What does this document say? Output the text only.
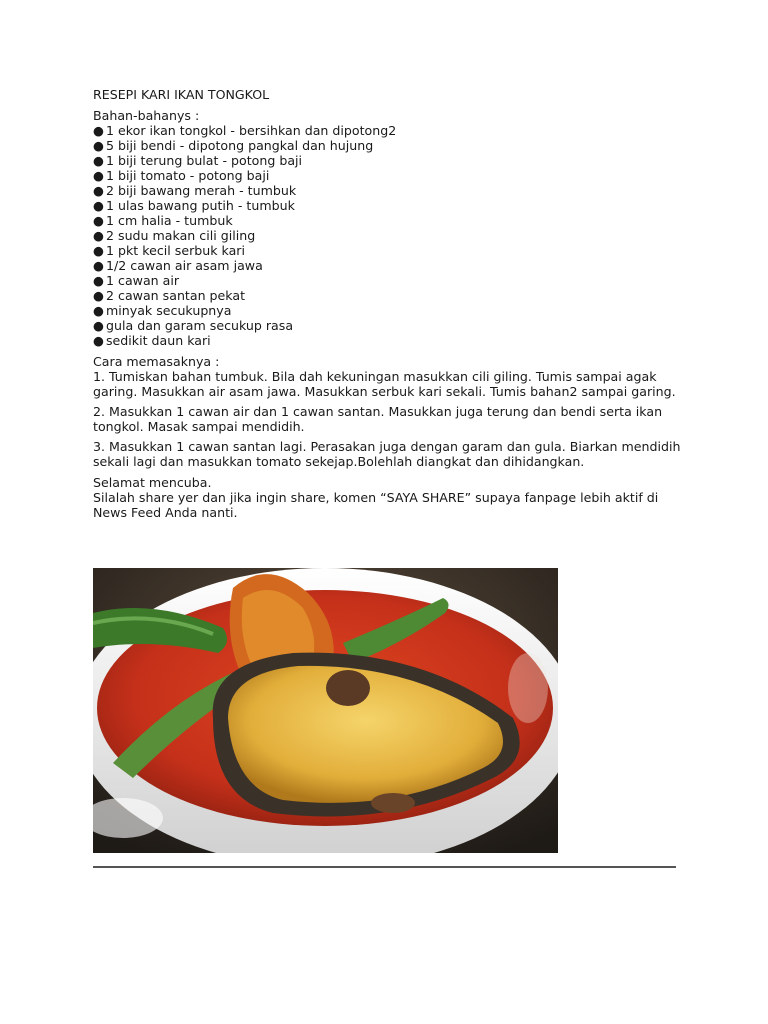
RESEPI KARI IKAN TONGKOL
Bahan-bahanys :
● 1 ekor ikan tongkol - bersihkan dan dipotong2
● 5 biji bendi - dipotong pangkal dan hujung
● 1 biji terung bulat - potong baji
● 1 biji tomato - potong baji
● 2 biji bawang merah - tumbuk
● 1 ulas bawang putih - tumbuk
● 1 cm halia - tumbuk
● 2 sudu makan cili giling
● 1 pkt kecil serbuk kari
● 1/2 cawan air asam jawa
● 1 cawan air
● 2 cawan santan pekat
● minyak secukupnya
● gula dan garam secukup rasa
● sedikit daun kari
Cara memasaknya :

1. Tumiskan bahan tumbuk. Bila dah kekuningan masukkan cili giling. Tumis sampai agak garing. Masukkan air asam jawa. Masukkan serbuk kari sekali. Tumis bahan2 sampai garing.

2. Masukkan 1 cawan air dan 1 cawan santan. Masukkan juga terung dan bendi serta ikan tongkol. Masak sampai mendidih.

3. Masukkan 1 cawan santan lagi. Perasakan juga dengan garam dan gula. Biarkan mendidih sekali lagi dan masukkan tomato sekejap.Bolehlah diangkat dan dihidangkan.

Selamat mencuba.
Silalah share yer dan jika ingin share, komen “SAYA SHARE” supaya fanpage lebih aktif di News Feed Anda nanti.
